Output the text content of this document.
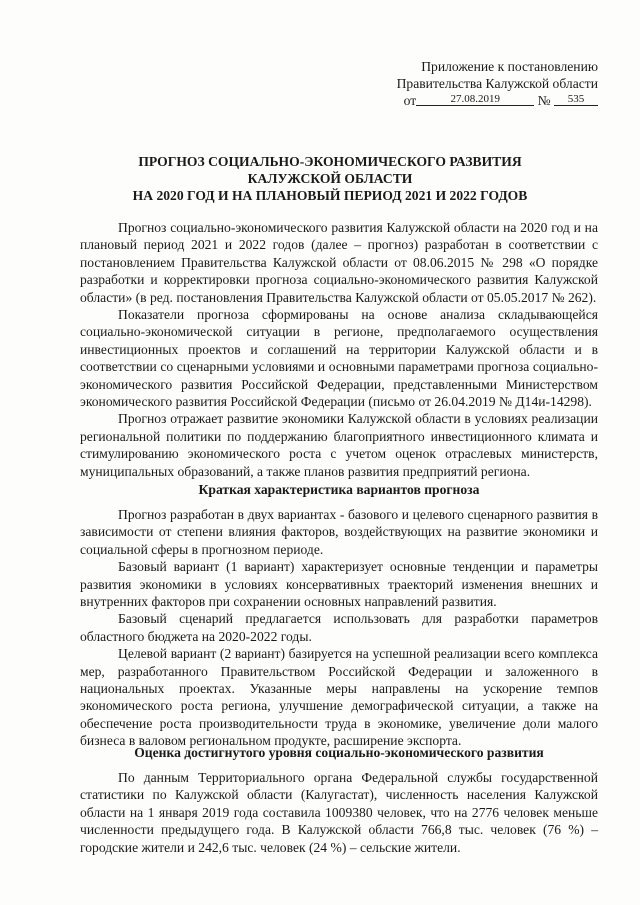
Приложение к постановлению
Правительства Калужской области
от	27.08.2019	№ 535
ПРОГНОЗ СОЦИАЛЬНО-ЭКОНОМИЧЕСКОГО РАЗВИТИЯ
КАЛУЖСКОЙ ОБЛАСТИ
НА 2020 ГОД И НА ПЛАНОВЫЙ ПЕРИОД 2021 И 2022 ГОДОВ

Прогноз социально-экономического развития Калужской области на 2020 год и на плановый период 2021 и 2022 годов (далее – прогноз) разработан в соответствии с постановлением Правительства Калужской области от 08.06.2015 № 298 «О порядке разработки и корректировки прогноза социально-экономического развития Калужской области» (в ред. постановления Правительства Калужской области от 05.05.2017 № 262).

Показатели прогноза сформированы на основе анализа складывающейся социально-экономической ситуации в регионе, предполагаемого осуществления инвестиционных проектов и соглашений на территории Калужской области и в соответствии со сценарными условиями и основными параметрами прогноза социально-экономического развития Российской Федерации, представленными Министерством экономического развития Российской Федерации (письмо от 26.04.2019 № Д14и-14298).

Прогноз отражает развитие экономики Калужской области в условиях реализации региональной политики по поддержанию благоприятного инвестиционного климата и стимулированию экономического роста с учетом оценок отраслевых министерств, муниципальных образований, а также планов развития предприятий региона.

Краткая характеристика вариантов прогноза

Прогноз разработан в двух вариантах - базового и целевого сценарного развития в зависимости от степени влияния факторов, воздействующих на развитие экономики и социальной сферы в прогнозном периоде.

Базовый вариант (1 вариант) характеризует основные тенденции и параметры развития экономики в условиях консервативных траекторий изменения внешних и внутренних факторов при сохранении основных направлений развития.

Базовый сценарий предлагается использовать для разработки параметров областного бюджета на 2020-2022 годы.

Целевой вариант (2 вариант) базируется на успешной реализации всего комплекса мер, разработанного Правительством Российской Федерации и заложенного в национальных проектах. Указанные меры направлены на ускорение темпов экономического роста региона, улучшение демографической ситуации, а также на обеспечение роста производительности труда в экономике, увеличение доли малого бизнеса в валовом региональном продукте, расширение экспорта.

Оценка достигнутого уровня социально-экономического развития

По данным Территориального органа Федеральной службы государственной статистики по Калужской области (Калугастат), численность населения Калужской области на 1 января 2019 года составила 1009380 человек, что на 2776 человек меньше численности предыдущего года. В Калужской области 766,8 тыс. человек (76 %) – городские жители и 242,6 тыс. человек (24 %) – сельские жители.
